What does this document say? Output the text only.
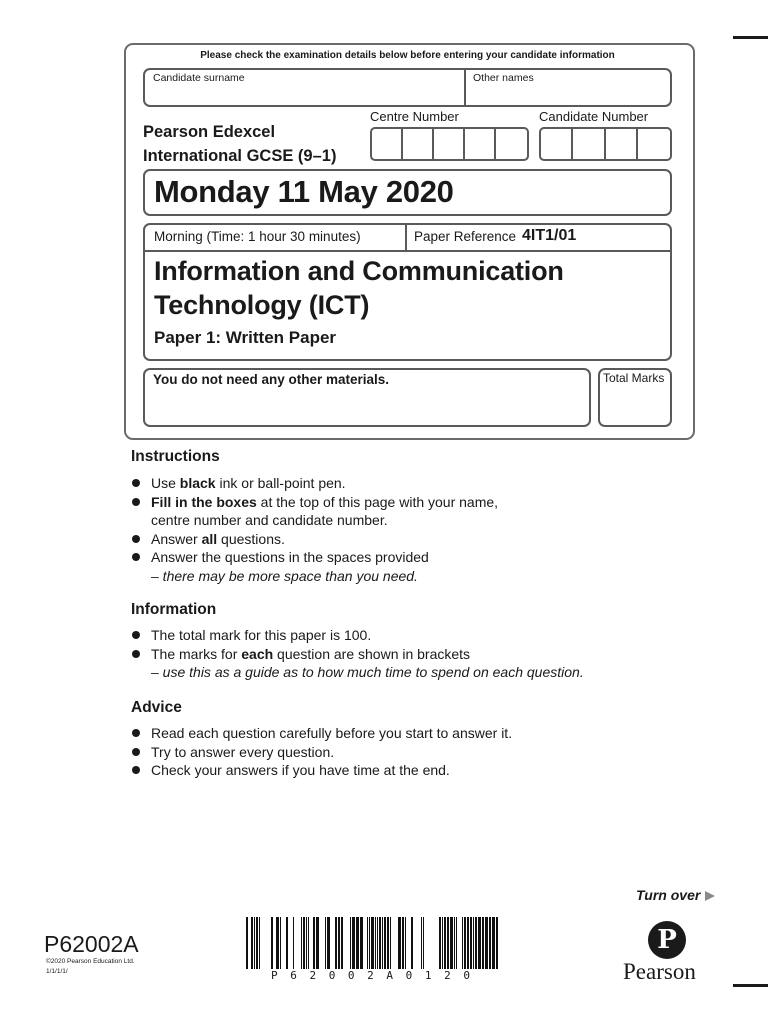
Please check the examination details below before entering your candidate information
Candidate surname	Other names
Pearson Edexcel
International GCSE (9–1)
Centre Number	Candidate Number
Monday 11 May 2020
Morning (Time: 1 hour 30 minutes)	Paper Reference 4IT1/01
Information and Communication
Technology (ICT)
Paper 1: Written Paper
You do not need any other materials.	Total Marks
Instructions
Use black ink or ball-point pen.
Fill in the boxes at the top of this page with your name,
centre number and candidate number.
Answer all questions.
Answer the questions in the spaces provided
– there may be more space than you need.
Information
The total mark for this paper is 100.
The marks for each question are shown in brackets
– use this as a guide as to how much time to spend on each question.
Advice
Read each question carefully before you start to answer it.
Try to answer every question.
Check your answers if you have time at the end.
Turn over
P62002A
©2020 Pearson Education Ltd.
1/1/1/1/	P 6 2 0 0 2 A 0 1 2 0
P
Pearson
